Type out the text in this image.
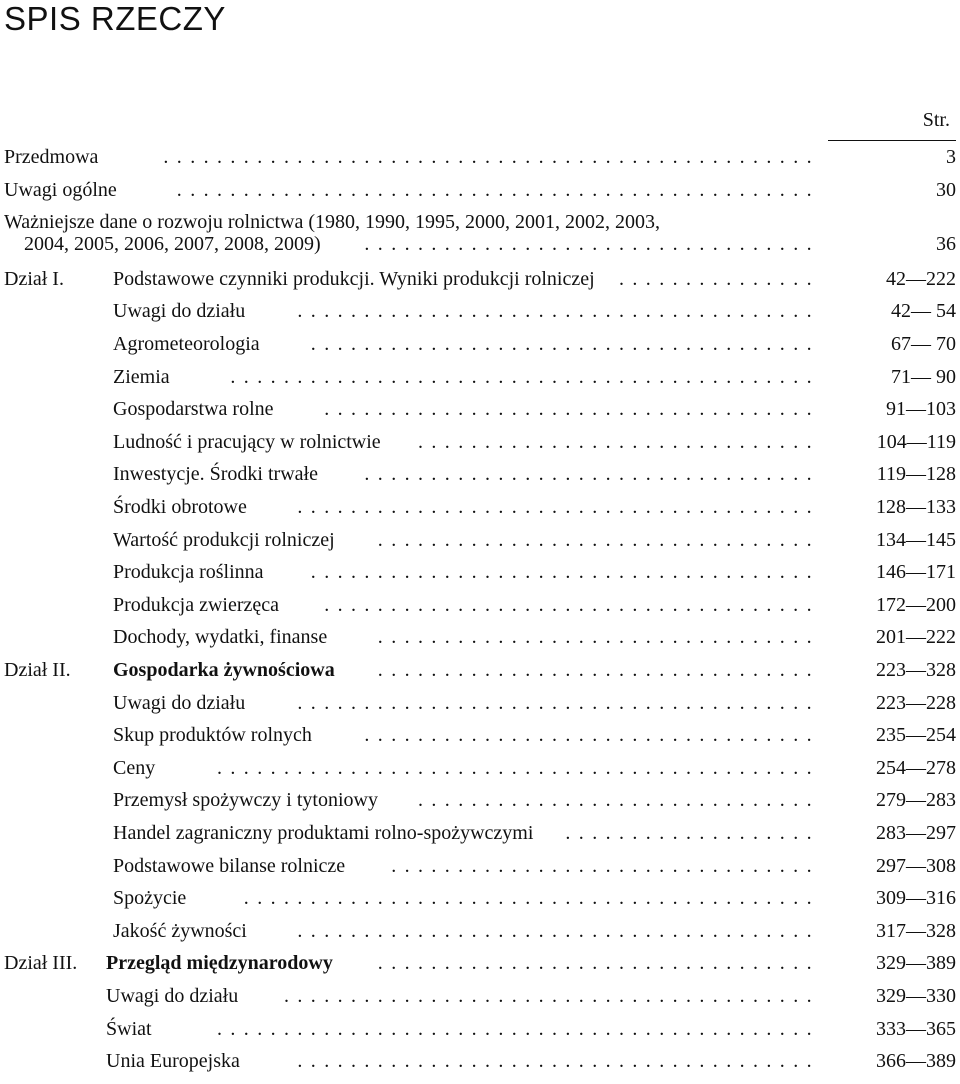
SPIS RZECZY
Str.
Przedmowa	.................................................	3
Uwagi ogólne	................................................	30
Ważniejsze dane o rozwoju rolnictwa (1980, 1990, 1995, 2000, 2001, 2002, 2003,
2004, 2005, 2006, 2007, 2008, 2009)	..................................	36
Dział I. Podstawowe czynniki produkcji. Wyniki produkcji rolniczej	...............	42—222
Uwagi do działu	.......................................	42— 54
Agrometeorologia	......................................	67— 70
Ziemia	............................................	71— 90
Gospodarstwa rolne	.....................................	91—103
Ludność i pracujący w rolnictwie	..............................	104—119
Inwestycje. Środki trwałe	..................................	119—128
Środki obrotowe	.......................................	128—133
Wartość produkcji rolniczej	.................................	134—145
Produkcja roślinna	......................................	146—171
Produkcja zwierzęca	.....................................	172—200
Dochody, wydatki, finanse	.................................	201—222
Dział II. Gospodarka żywnościowa	.................................	223—328
Uwagi do działu	.......................................	223—228
Skup produktów rolnych	..................................	235—254
Ceny	.............................................	254—278
Przemysł spożywczy i tytoniowy	..............................	279—283
Handel zagraniczny produktami rolno-spożywczymi	...................	283—297
Podstawowe bilanse rolnicze	................................	297—308
Spożycie	...........................................	309—316
Jakość żywności	.......................................	317—328
Dział III. Przegląd międzynarodowy	.................................	329—389
Uwagi do działu	........................................	329—330
Świat	.............................................	333—365
Unia Europejska	.......................................	366—389
